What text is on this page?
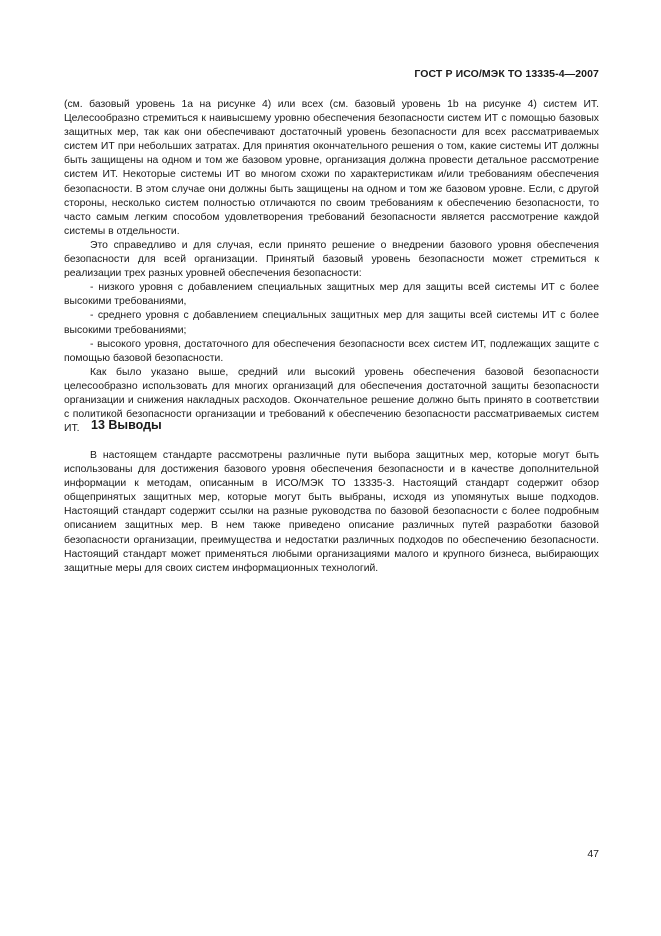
ГОСТ Р ИСО/МЭК ТО 13335-4—2007

(см. базовый уровень 1а на рисунке 4) или всех (см. базовый уровень 1b на рисунке 4) систем ИТ. Целесообразно стремиться к наивысшему уровню обеспечения безопасности систем ИТ с помощью базовых защитных мер, так как они обеспечивают достаточный уровень безопасности для всех рассматриваемых систем ИТ при небольших затратах. Для принятия окончательного решения о том, какие системы ИТ должны быть защищены на одном и том же базовом уровне, организация должна провести детальное рассмотрение систем ИТ. Некоторые системы ИТ во многом схожи по характеристикам и/или требованиям обеспечения безопасности. В этом случае они должны быть защищены на одном и том же базовом уровне. Если, с другой стороны, несколько систем полностью отличаются по своим требованиям к обеспечению безопасности, то часто самым легким способом удовлетворения требований безопасности является рассмотрение каждой системы в отдельности.

Это справедливо и для случая, если принято решение о внедрении базового уровня обеспечения безопасности для всей организации. Принятый базовый уровень безопасности может стремиться к реализации трех разных уровней обеспечения безопасности:

- низкого уровня с добавлением специальных защитных мер для защиты всей системы ИТ с более высокими требованиями,

- среднего уровня с добавлением специальных защитных мер для защиты всей системы ИТ с более высокими требованиями;

- высокого уровня, достаточного для обеспечения безопасности всех систем ИТ, подлежащих защите с помощью базовой безопасности.

Как было указано выше, средний или высокий уровень обеспечения базовой безопасности целесообразно использовать для многих организаций для обеспечения достаточной защиты безопасности организации и снижения накладных расходов. Окончательное решение должно быть принято в соответствии с политикой безопасности организации и требований к обеспечению безопасности рассматриваемых систем ИТ. 13 Выводы

В настоящем стандарте рассмотрены различные пути выбора защитных мер, которые могут быть использованы для достижения базового уровня обеспечения безопасности и в качестве дополнительной информации к методам, описанным в ИСО/МЭК ТО 13335-3. Настоящий стандарт содержит обзор общепринятых защитных мер, которые могут быть выбраны, исходя из упомянутых выше подходов. Настоящий стандарт содержит ссылки на разные руководства по базовой безопасности с более подробным описанием защитных мер. В нем также приведено описание различных путей разработки базовой безопасности организации, преимущества и недостатки различных подходов по обеспечению безопасности. Настоящий стандарт может применяться любыми организациями малого и крупного бизнеса, выбирающих защитные меры для своих систем информационных технологий.

47
